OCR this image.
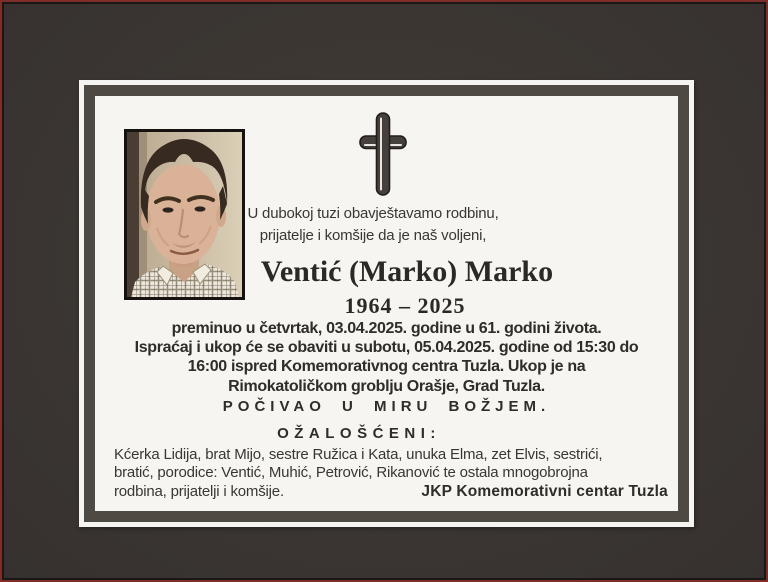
U dubokoj tuzi obavještavamo rodbinu,
prijatelje i komšije da je naš voljeni,
Ventić (Marko) Marko
1964 – 2025
preminuo u četvrtak, 03.04.2025. godine u 61. godini života.
Ispraćaj i ukop će se obaviti u subotu, 05.04.2025. godine od 15:30 do
16:00 ispred Komemorativnog centra Tuzla. Ukop je na
Rimokatoličkom groblju Orašje, Grad Tuzla.
POČIVAO U MIRU BOŽJEM.
OŽALOŠĆENI:
Kćerka Lidija, brat Mijo, sestre Ružica i Kata, unuka Elma, zet Elvis, sestrići,
bratić, porodice: Ventić, Muhić, Petrović, Rikanović te ostala mnogobrojna
rodbina, prijatelji i komšije.	JKP Komemorativni centar Tuzla
